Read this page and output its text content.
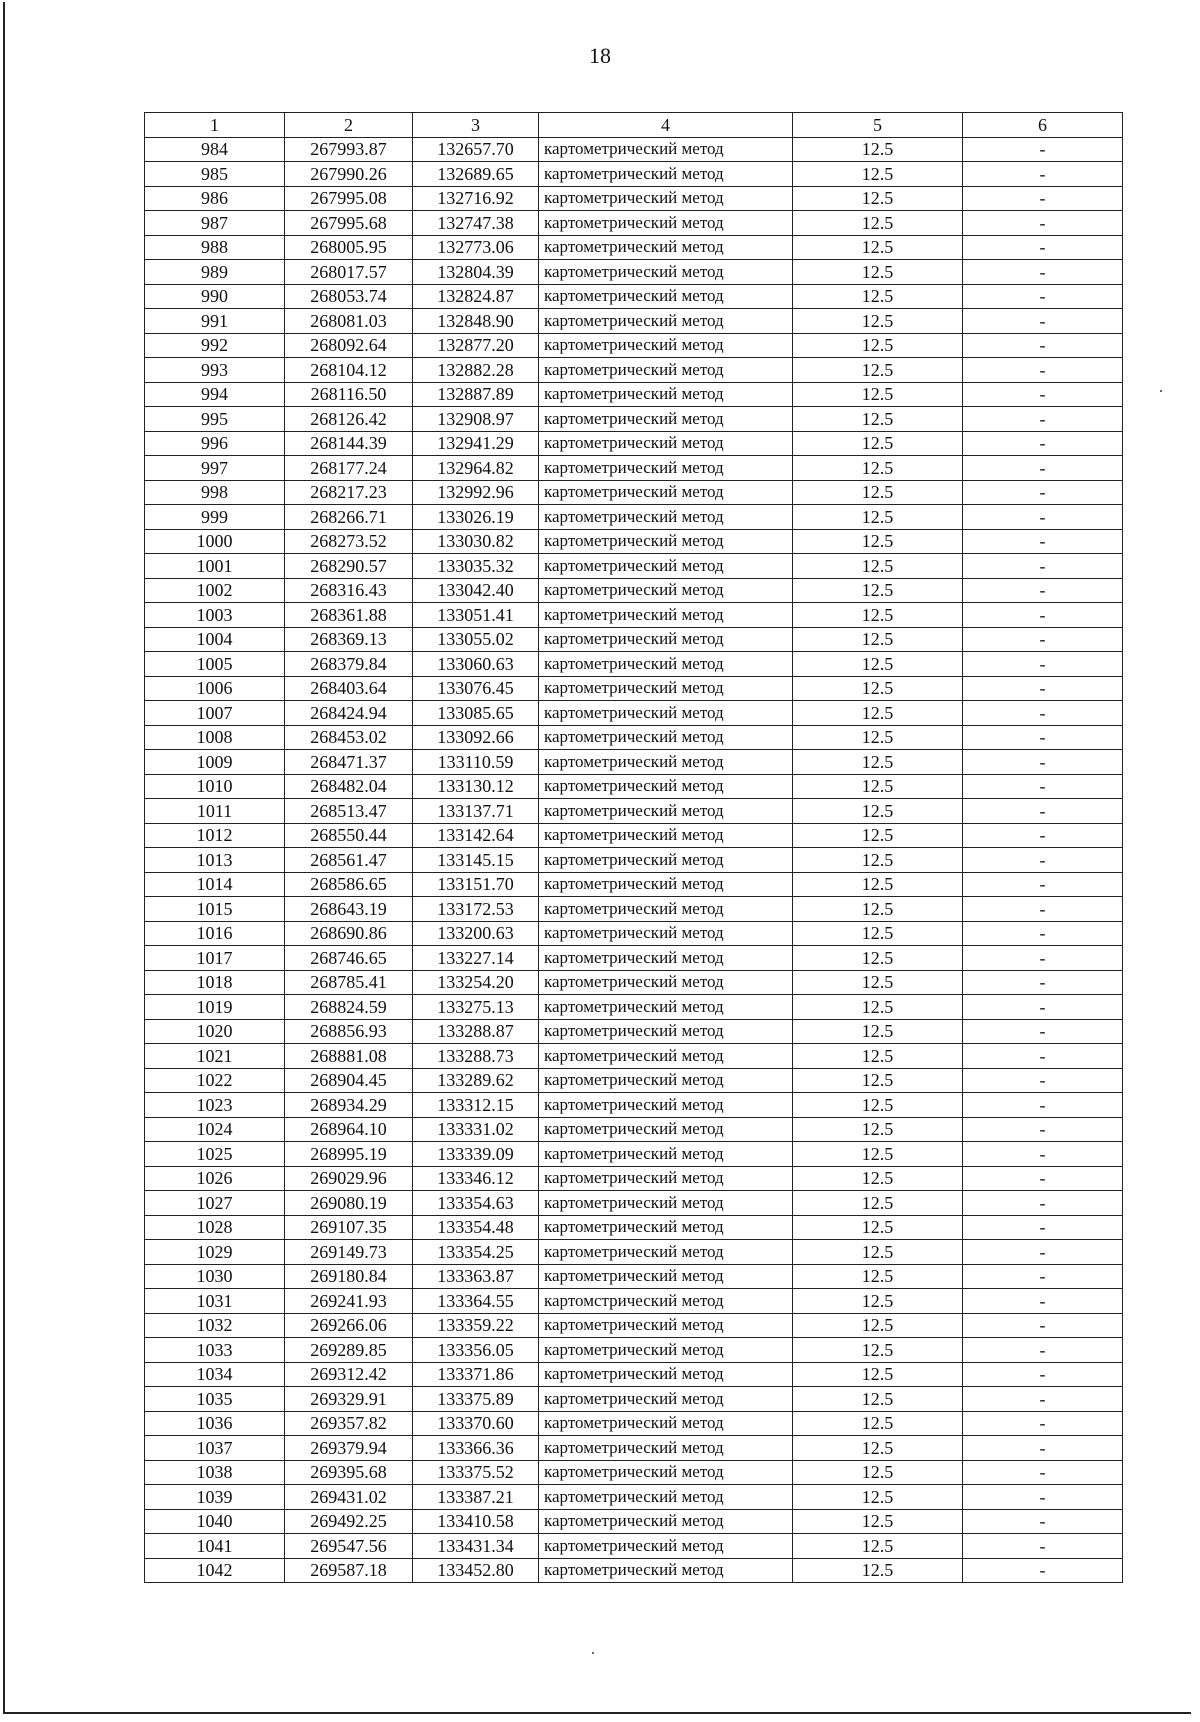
18
1	2	3	4	5	6
984	267993.87	132657.70	картометрический метод	12.5	-
985	267990.26	132689.65	картометрический метод	12.5	-
986	267995.08	132716.92	картометрический метод	12.5	-
987	267995.68	132747.38	картометрический метод	12.5	-
988	268005.95	132773.06	картометрический метод	12.5	-
989	268017.57	132804.39	картометрический метод	12.5	-
990	268053.74	132824.87	картометрический метод	12.5	-
991	268081.03	132848.90	картометрический метод	12.5	-
992	268092.64	132877.20	картометрический метод	12.5	-
993	268104.12	132882.28	картометрический метод	12.5	-
994	268116.50	132887.89	картометрический метод	12.5	-
995	268126.42	132908.97	картометрический метод	12.5	-
996	268144.39	132941.29	картометрический метод	12.5	-
997	268177.24	132964.82	картометрический метод	12.5	-
998	268217.23	132992.96	картометрический метод	12.5	-
999	268266.71	133026.19	картометрический метод	12.5	-
1000	268273.52	133030.82	картометрический метод	12.5	-
1001	268290.57	133035.32	картометрический метод	12.5	-
1002	268316.43	133042.40	картометрический метод	12.5	-
1003	268361.88	133051.41	картометрический метод	12.5	-
1004	268369.13	133055.02	картометрический метод	12.5	-
1005	268379.84	133060.63	картометрический метод	12.5	-
1006	268403.64	133076.45	картометрический метод	12.5	-
1007	268424.94	133085.65	картометрический метод	12.5	-
1008	268453.02	133092.66	картометрический метод	12.5	-
1009	268471.37	133110.59	картометрический метод	12.5	-
1010	268482.04	133130.12	картометрический метод	12.5	-
1011	268513.47	133137.71	картометрический метод	12.5	-
1012	268550.44	133142.64	картометрический метод	12.5	-
1013	268561.47	133145.15	картометрический метод	12.5	-
1014	268586.65	133151.70	картометрический метод	12.5	-
1015	268643.19	133172.53	картометрический метод	12.5	-
1016	268690.86	133200.63	картометрический метод	12.5	-
1017	268746.65	133227.14	картометрический метод	12.5	-
1018	268785.41	133254.20	картометрический метод	12.5	-
1019	268824.59	133275.13	картометрический метод	12.5	-
1020	268856.93	133288.87	картометрический метод	12.5	-
1021	268881.08	133288.73	картометрический метод	12.5	-
1022	268904.45	133289.62	картометрический метод	12.5	-
1023	268934.29	133312.15	картометрический метод	12.5	-
1024	268964.10	133331.02	картометрический метод	12.5	-
1025	268995.19	133339.09	картометрический метод	12.5	-
1026	269029.96	133346.12	картометрический метод	12.5	-
1027	269080.19	133354.63	картометрический метод	12.5	-
1028	269107.35	133354.48	картометрический метод	12.5	-
1029	269149.73	133354.25	картометрический метод	12.5	-
1030	269180.84	133363.87	картометрический метод	12.5	-
1031	269241.93	133364.55	картомстрический метод	12.5	-
1032	269266.06	133359.22	картометрический метод	12.5	-
1033	269289.85	133356.05	картометрический метод	12.5	-
1034	269312.42	133371.86	картометрический метод	12.5	-
1035	269329.91	133375.89	картометрический метод	12.5	-
1036	269357.82	133370.60	картометрический метод	12.5	-
1037	269379.94	133366.36	картометрический метод	12.5	-
1038	269395.68	133375.52	картометрический метод	12.5	-
1039	269431.02	133387.21	картометрический метод	12.5	-
1040	269492.25	133410.58	картометрический метод	12.5	-
1041	269547.56	133431.34	картометрический метод	12.5	-
1042	269587.18	133452.80	картометрический метод	12.5	-
